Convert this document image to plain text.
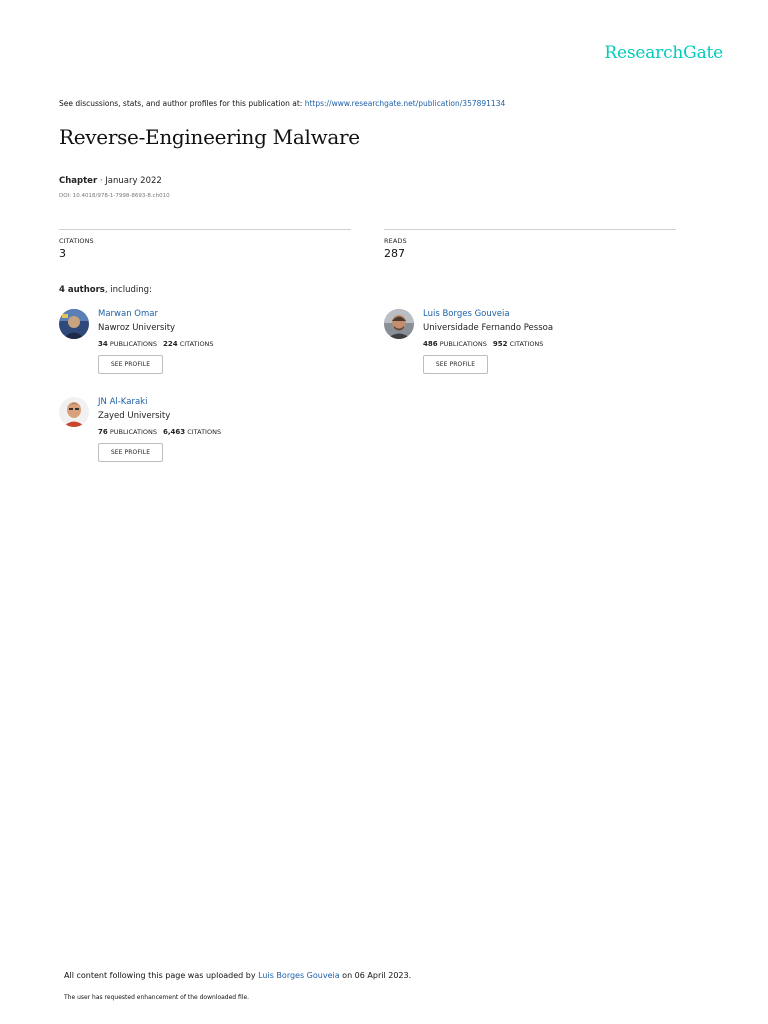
ResearchGate
See discussions, stats, and author profiles for this publication at: https://www.researchgate.net/publication/357891134
Reverse-Engineering Malware
Chapter · January 2022
DOI: 10.4018/978-1-7998-8693-8.ch010
CITATIONS
3
READS
287
4 authors, including:
Marwan Omar
Nawroz University
34 PUBLICATIONS 224 CITATIONS
SEE PROFILE
Luis Borges Gouveia
Universidade Fernando Pessoa
486 PUBLICATIONS 952 CITATIONS
SEE PROFILE
JN Al-Karaki
Zayed University
76 PUBLICATIONS 6,463 CITATIONS
SEE PROFILE
All content following this page was uploaded by Luis Borges Gouveia on 06 April 2023.
The user has requested enhancement of the downloaded file.
